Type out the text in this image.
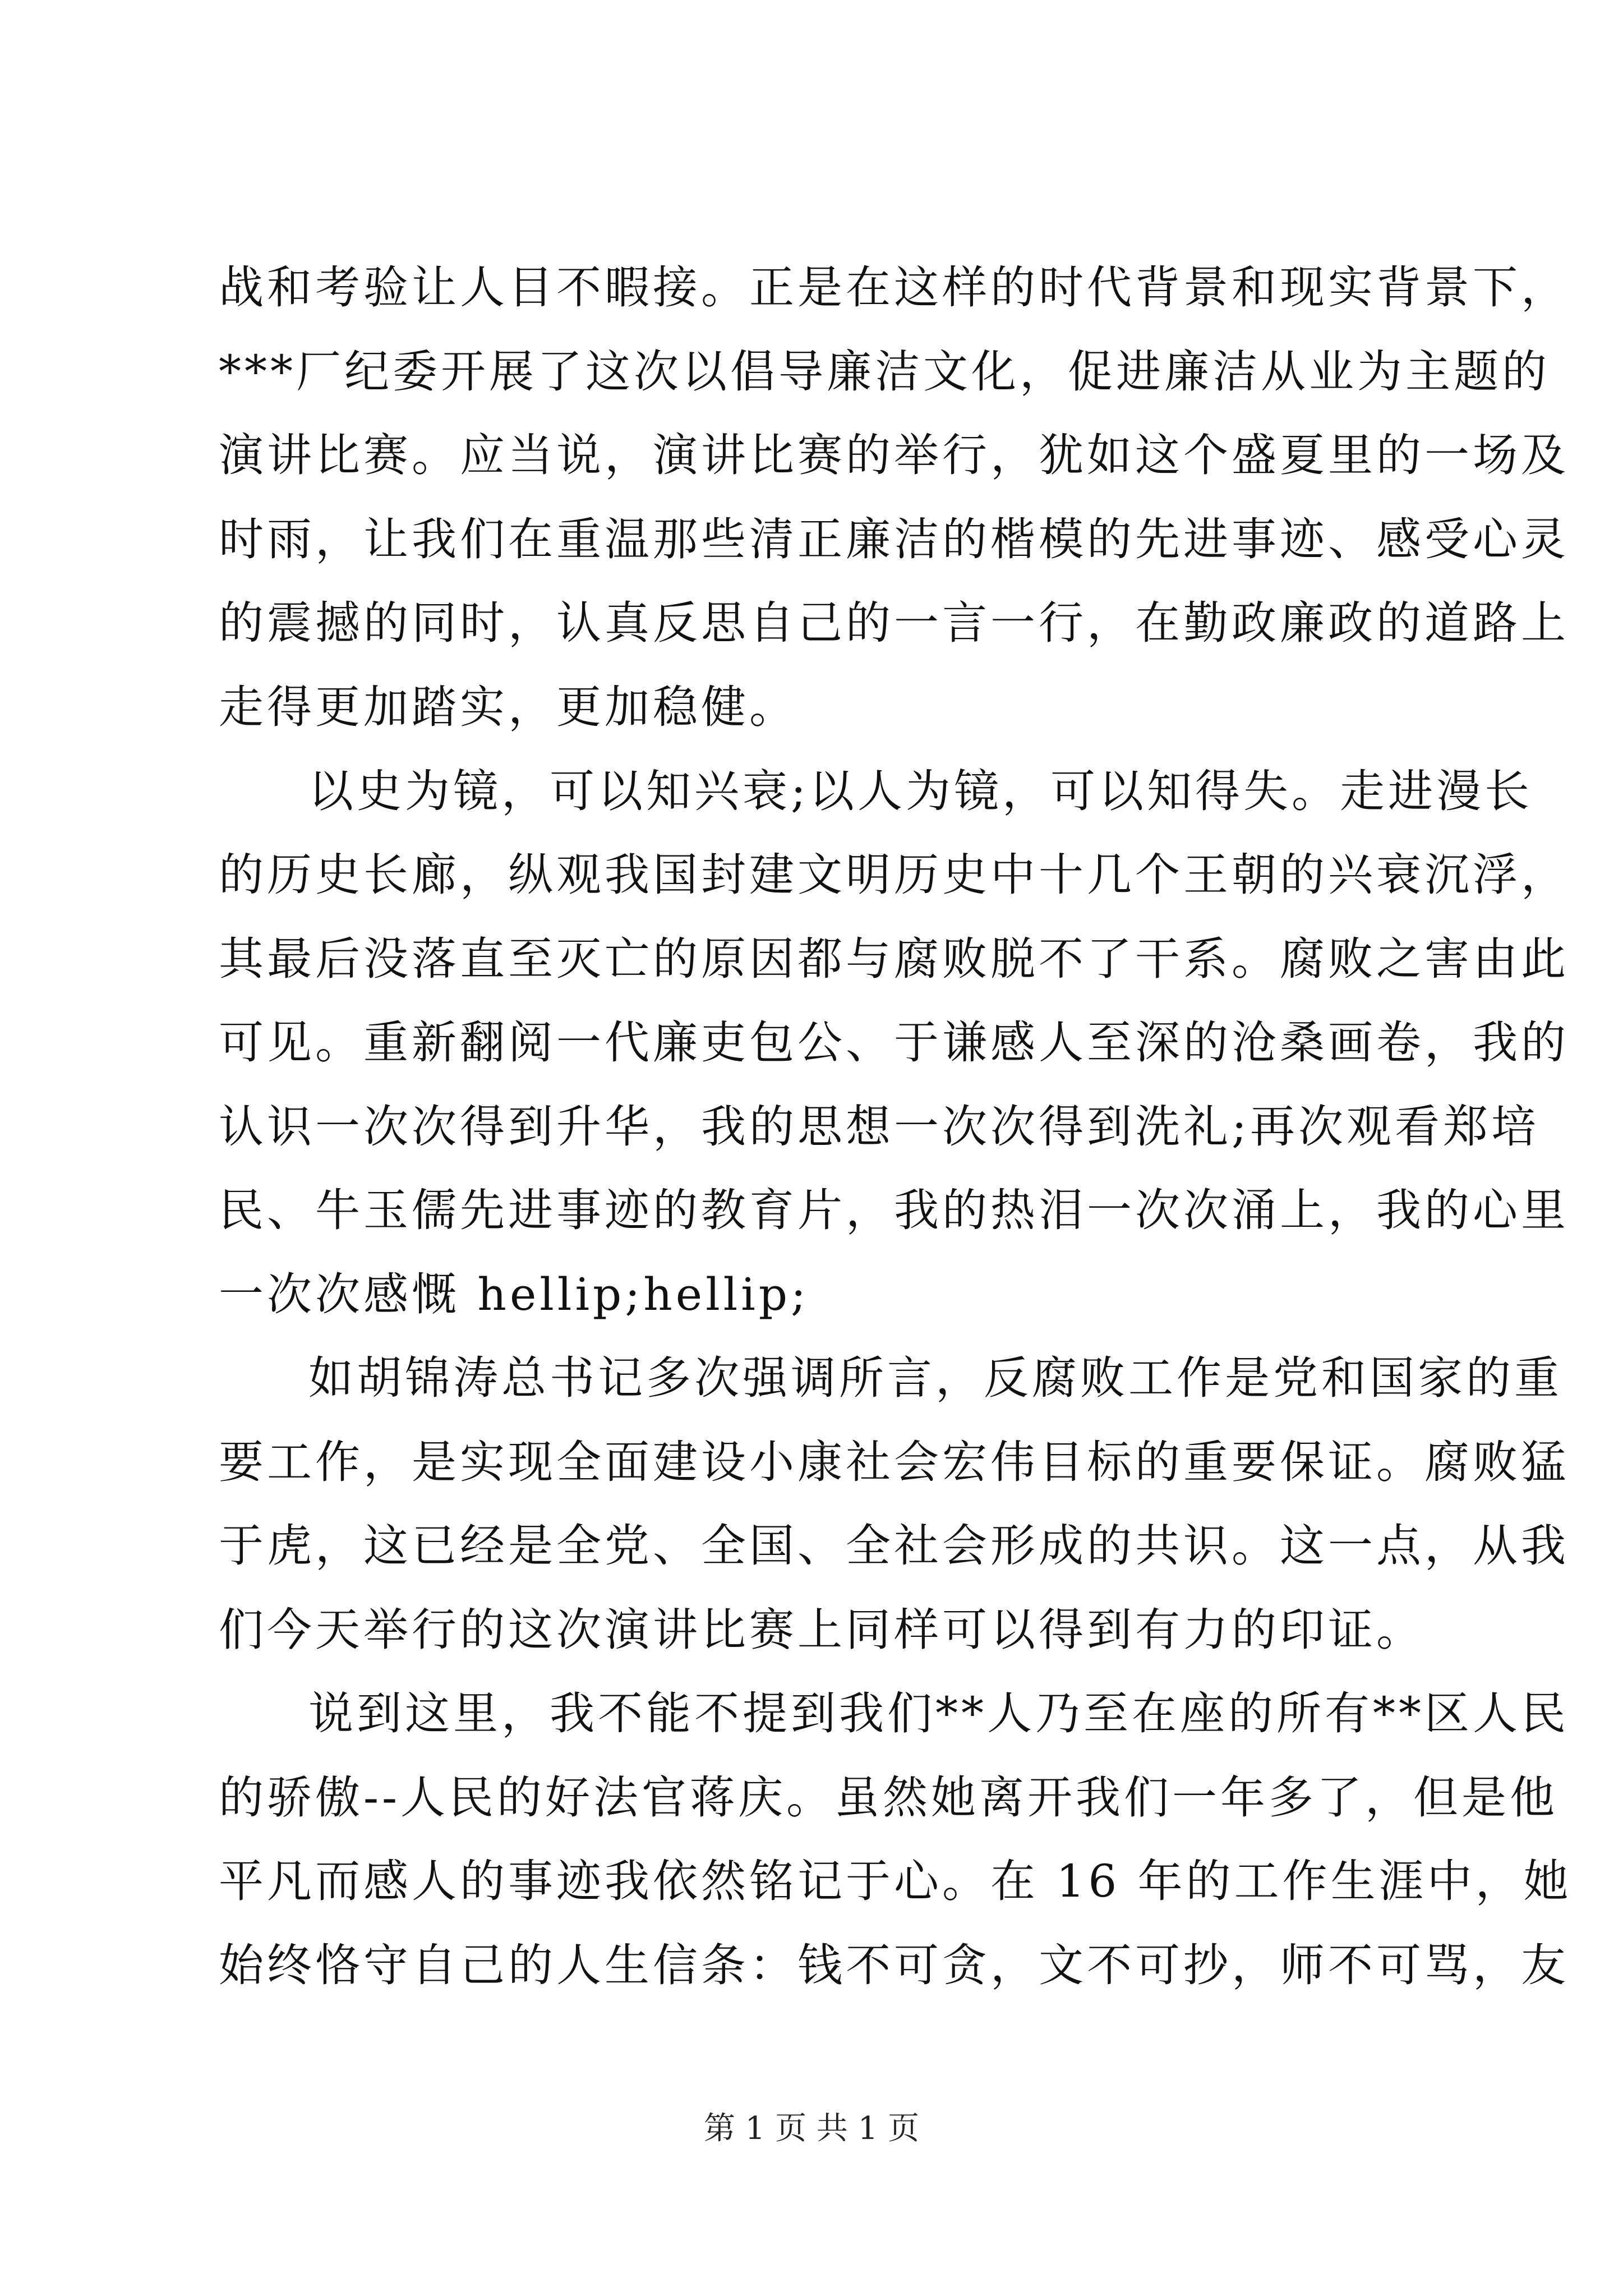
战和考验让人目不暇接。正是在这样的时代背景和现实背景下，
***厂纪委开展了这次以倡导廉洁文化，促进廉洁从业为主题的
演讲比赛。应当说，演讲比赛的举行，犹如这个盛夏里的一场及
时雨，让我们在重温那些清正廉洁的楷模的先进事迹、感受心灵
的震撼的同时，认真反思自己的一言一行，在勤政廉政的道路上
走得更加踏实，更加稳健。
以史为镜，可以知兴衰;以人为镜，可以知得失。走进漫长
的历史长廊，纵观我国封建文明历史中十几个王朝的兴衰沉浮，
其最后没落直至灭亡的原因都与腐败脱不了干系。腐败之害由此
可见。重新翻阅一代廉吏包公、于谦感人至深的沧桑画卷，我的
认识一次次得到升华，我的思想一次次得到洗礼;再次观看郑培
民、牛玉儒先进事迹的教育片，我的热泪一次次涌上，我的心里
一次次感慨 hellip;hellip;
如胡锦涛总书记多次强调所言，反腐败工作是党和国家的重
要工作，是实现全面建设小康社会宏伟目标的重要保证。腐败猛
于虎，这已经是全党、全国、全社会形成的共识。这一点，从我
们今天举行的这次演讲比赛上同样可以得到有力的印证。
说到这里，我不能不提到我们**人乃至在座的所有**区人民
的骄傲--人民的好法官蒋庆。虽然她离开我们一年多了，但是他
平凡而感人的事迹我依然铭记于心。在 16 年的工作生涯中，她
始终恪守自己的人生信条：钱不可贪，文不可抄，师不可骂，友
第 1 页 共 1 页
